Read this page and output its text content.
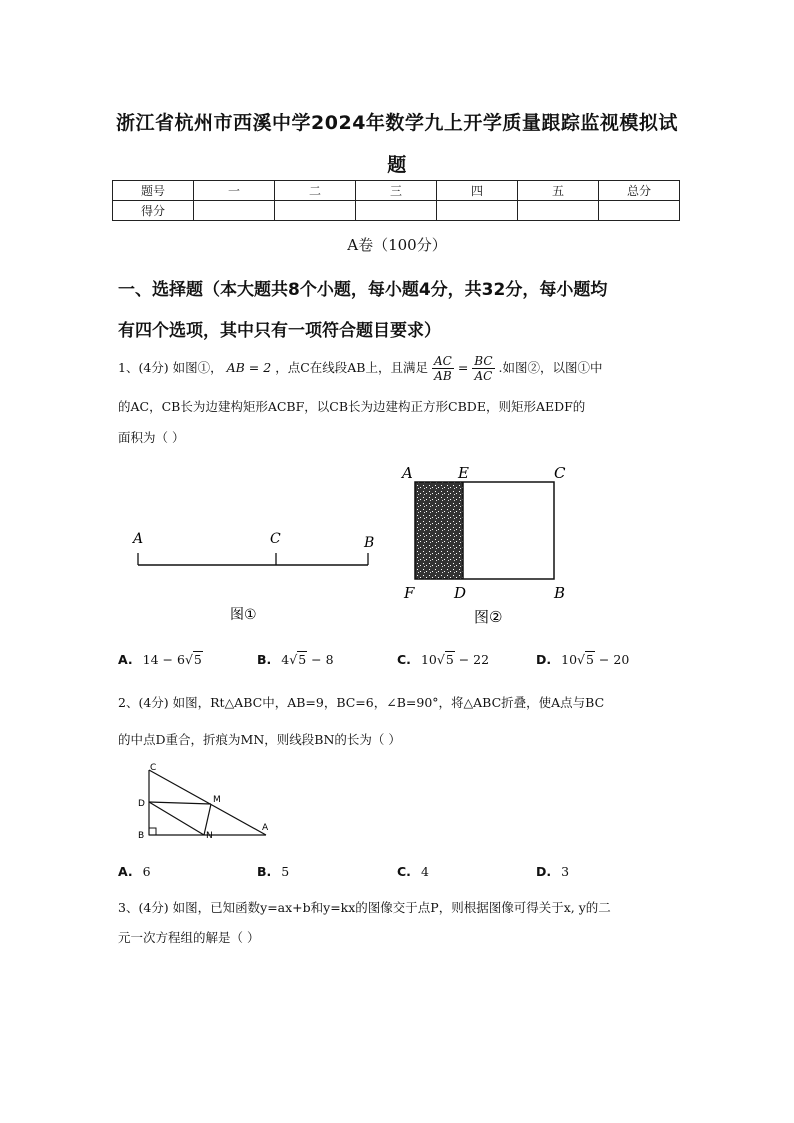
浙江省杭州市西溪中学2024年数学九上开学质量跟踪监视模拟试
题
题号	一	二	三	四	五	总分
得分						
A卷（100分）
一、选择题（本大题共8个小题，每小题4分，共32分，每小题均
有四个选项，其中只有一项符合题目要求）
1、(4分) 如图①， AB = 2 ，点C在线段AB上，且满足 $\frac{AC}{AB} = \frac{BC}{AC}$ .如图②，以图①中
的AC，CB长为边建构矩形ACBF，以CB长为边建构正方形CBDE，则矩形AEDF的
面积为（ ）
A	C	B
图①
A	E	C
F	D	B
图②
A. 14 − 6√5	B. 4√5 − 8	C. 10√5 − 22	D. 10√5 − 20
2、(4分) 如图，Rt△ABC中，AB=9，BC=6，∠B=90°，将△ABC折叠，使A点与BC
的中点D重合，折痕为MN，则线段BN的长为（ ）
C
D
B
M
N
A
A. 6	B. 5	C. 4	D. 3
3、(4分) 如图，已知函数y=ax+b和y=kx的图像交于点P，则根据图像可得关于x, y的二
元一次方程组的解是（ ）
